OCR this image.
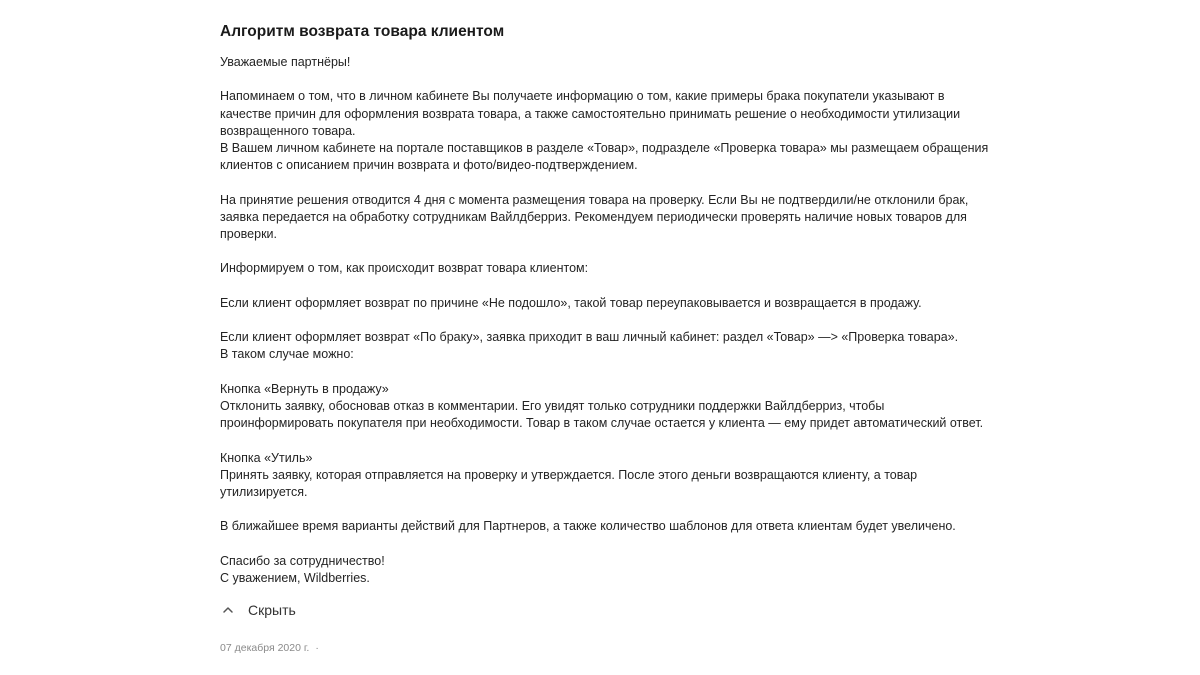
Алгоритм возврата товара клиентом

Уважаемые партнёры!

Напоминаем о том, что в личном кабинете Вы получаете информацию о том, какие примеры брака покупатели указывают в
качестве причин для оформления возврата товара, а также самостоятельно принимать решение о необходимости утилизации
возвращенного товара.
В Вашем личном кабинете на портале поставщиков в разделе «Товар», подразделе «Проверка товара» мы размещаем обращения
клиентов с описанием причин возврата и фото/видео-подтверждением.

На принятие решения отводится 4 дня с момента размещения товара на проверку. Если Вы не подтвердили/не отклонили брак,
заявка передается на обработку сотрудникам Вайлдберриз. Рекомендуем периодически проверять наличие новых товаров для
проверки.

Информируем о том, как происходит возврат товара клиентом:

Если клиент оформляет возврат по причине «Не подошло», такой товар переупаковывается и возвращается в продажу.

Если клиент оформляет возврат «По браку», заявка приходит в ваш личный кабинет: раздел «Товар» —> «Проверка товара».
В таком случае можно:

Кнопка «Вернуть в продажу»
Отклонить заявку, обосновав отказ в комментарии. Его увидят только сотрудники поддержки Вайлдберриз, чтобы
проинформировать покупателя при необходимости. Товар в таком случае остается у клиента — ему придет автоматический ответ.

Кнопка «Утиль»
Принять заявку, которая отправляется на проверку и утверждается. После этого деньги возвращаются клиенту, а товар
утилизируется.

В ближайшее время варианты действий для Партнеров, а также количество шаблонов для ответа клиентам будет увеличено.

Спасибо за сотрудничество!
С уважением, Wildberries.

Скрыть
07 декабря 2020 г. ·
